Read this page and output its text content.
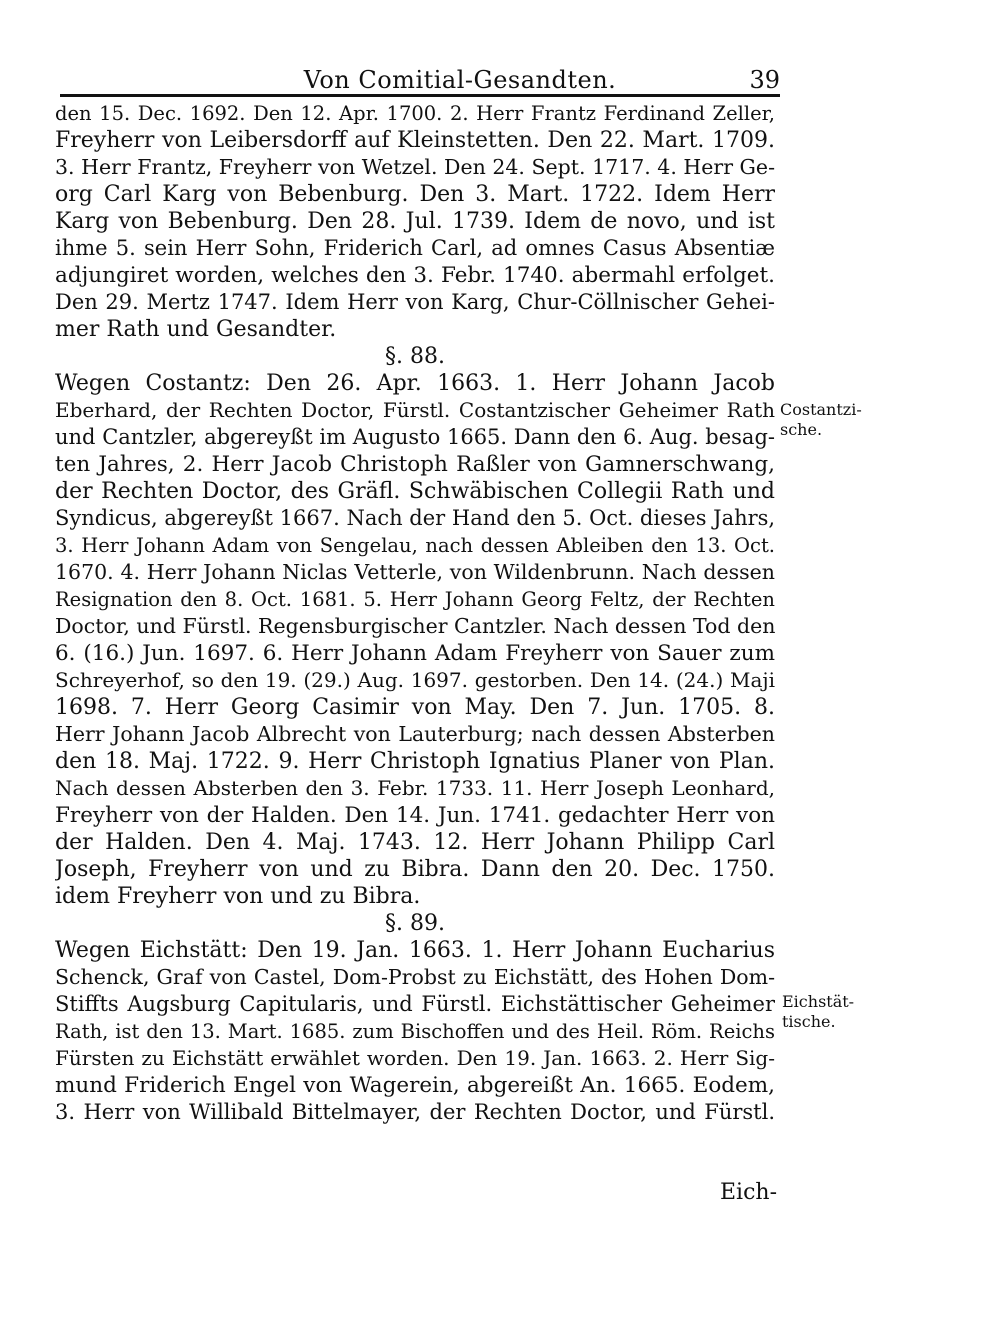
Von Comitial-Gesandten.	39
den 15. Dec. 1692. Den 12. Apr. 1700. 2. Herr Frantz Ferdinand Zeller,
Freyherr von Leibersdorff auf Kleinstetten. Den 22. Mart. 1709.
3. Herr Frantz, Freyherr von Wetzel. Den 24. Sept. 1717. 4. Herr Ge-
org Carl Karg von Bebenburg. Den 3. Mart. 1722. Idem Herr
Karg von Bebenburg. Den 28. Jul. 1739. Idem de novo, und ist
ihme 5. sein Herr Sohn, Friderich Carl, ad omnes Casus Absentiæ
adjungiret worden, welches den 3. Febr. 1740. abermahl erfolget.
Den 29. Mertz 1747. Idem Herr von Karg, Chur-Cöllnischer Gehei-
mer Rath und Gesandter.
§. 88.
Wegen Costantz: Den 26. Apr. 1663. 1. Herr Johann Jacob
Eberhard, der Rechten Doctor, Fürstl. Costantzischer Geheimer Rath
und Cantzler, abgereyßt im Augusto 1665. Dann den 6. Aug. besag-
ten Jahres, 2. Herr Jacob Christoph Raßler von Gamnerschwang,
der Rechten Doctor, des Gräfl. Schwäbischen Collegii Rath und
Syndicus, abgereyßt 1667. Nach der Hand den 5. Oct. dieses Jahrs,
3. Herr Johann Adam von Sengelau, nach dessen Ableiben den 13. Oct.
1670. 4. Herr Johann Niclas Vetterle, von Wildenbrunn. Nach dessen
Resignation den 8. Oct. 1681. 5. Herr Johann Georg Feltz, der Rechten
Doctor, und Fürstl. Regensburgischer Cantzler. Nach dessen Tod den
6. (16.) Jun. 1697. 6. Herr Johann Adam Freyherr von Sauer zum
Schreyerhof, so den 19. (29.) Aug. 1697. gestorben. Den 14. (24.) Maji
1698. 7. Herr Georg Casimir von May. Den 7. Jun. 1705. 8.
Herr Johann Jacob Albrecht von Lauterburg; nach dessen Absterben
den 18. Maj. 1722. 9. Herr Christoph Ignatius Planer von Plan.
Nach dessen Absterben den 3. Febr. 1733. 11. Herr Joseph Leonhard,
Freyherr von der Halden. Den 14. Jun. 1741. gedachter Herr von
der Halden. Den 4. Maj. 1743. 12. Herr Johann Philipp Carl
Joseph, Freyherr von und zu Bibra. Dann den 20. Dec. 1750.
idem Freyherr von und zu Bibra.
§. 89.
Wegen Eichstätt: Den 19. Jan. 1663. 1. Herr Johann Eucharius
Schenck, Graf von Castel, Dom-Probst zu Eichstätt, des Hohen Dom-
Stiffts Augsburg Capitularis, und Fürstl. Eichstättischer Geheimer
Rath, ist den 13. Mart. 1685. zum Bischoffen und des Heil. Röm. Reichs
Fürsten zu Eichstätt erwählet worden. Den 19. Jan. 1663. 2. Herr Sig-
mund Friderich Engel von Wagerein, abgereißt An. 1665. Eodem,
3. Herr von Willibald Bittelmayer, der Rechten Doctor, und Fürstl.
Costantzi-
sche.
Eichstät-
tische.
Eich-
